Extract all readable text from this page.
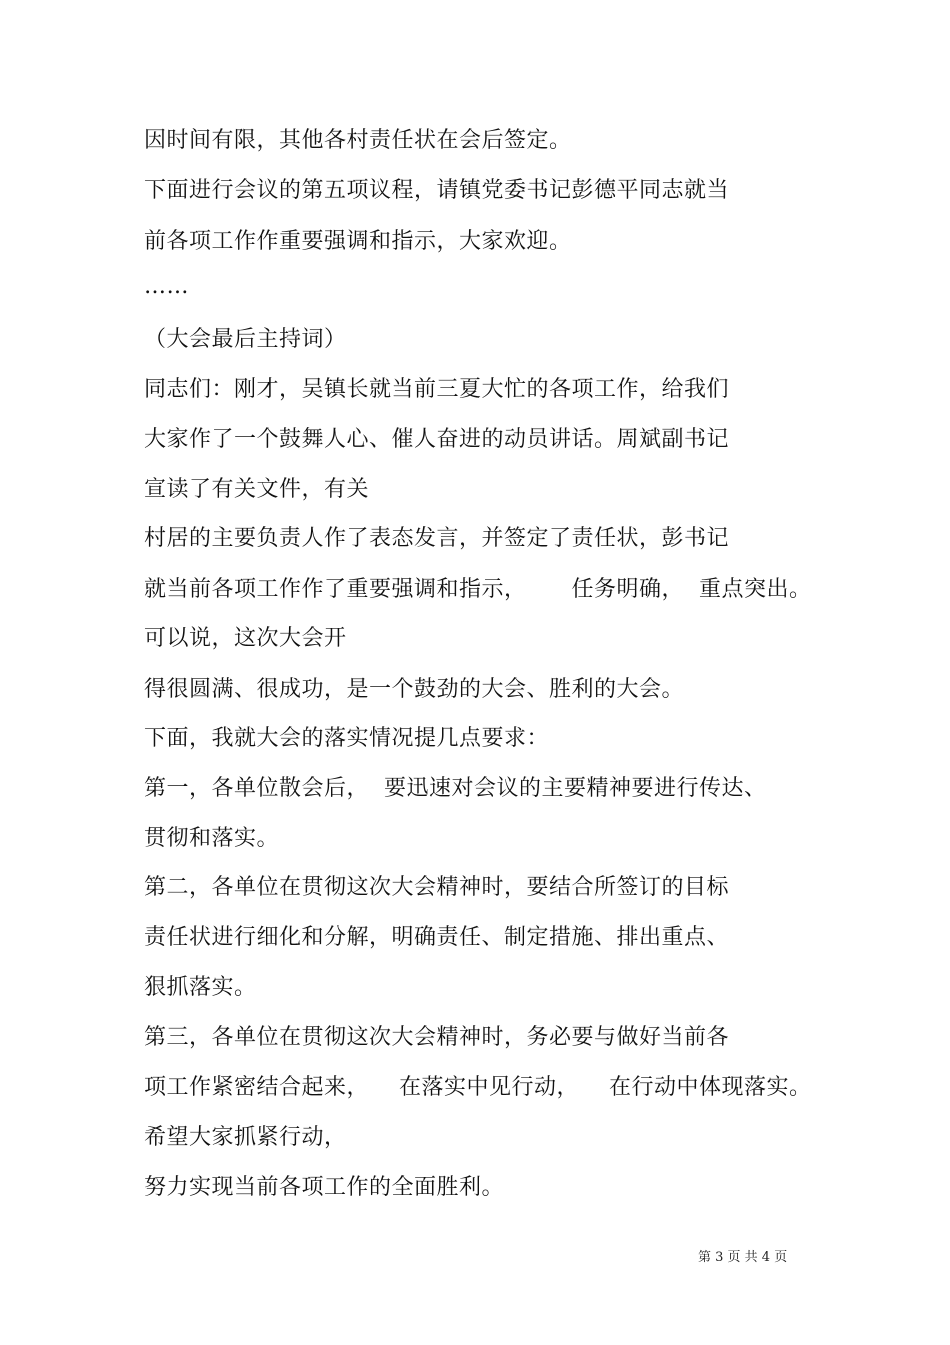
因时间有限，其他各村责任状在会后签定。
下面进行会议的第五项议程，请镇党委书记彭德平同志就当
前各项工作作重要强调和指示，大家欢迎。
……
（大会最后主持词）
同志们：刚才，吴镇长就当前三夏大忙的各项工作，给我们
大家作了一个鼓舞人心、催人奋进的动员讲话。周斌副书记
宣读了有关文件，有关
村居的主要负责人作了表态发言，并签定了责任状，彭书记
就当前各项工作作了重要强调和指示，      任务明确，  重点突出。
可以说，这次大会开
得很圆满、很成功，是一个鼓劲的大会、胜利的大会。
下面，我就大会的落实情况提几点要求：
第一，各单位散会后，  要迅速对会议的主要精神要进行传达、
贯彻和落实。
第二，各单位在贯彻这次大会精神时，要结合所签订的目标
责任状进行细化和分解，明确责任、制定措施、排出重点、
狠抓落实。
第三，各单位在贯彻这次大会精神时，务必要与做好当前各
项工作紧密结合起来，    在落实中见行动，    在行动中体现落实。
希望大家抓紧行动，
努力实现当前各项工作的全面胜利。
第 3 页 共 4 页
